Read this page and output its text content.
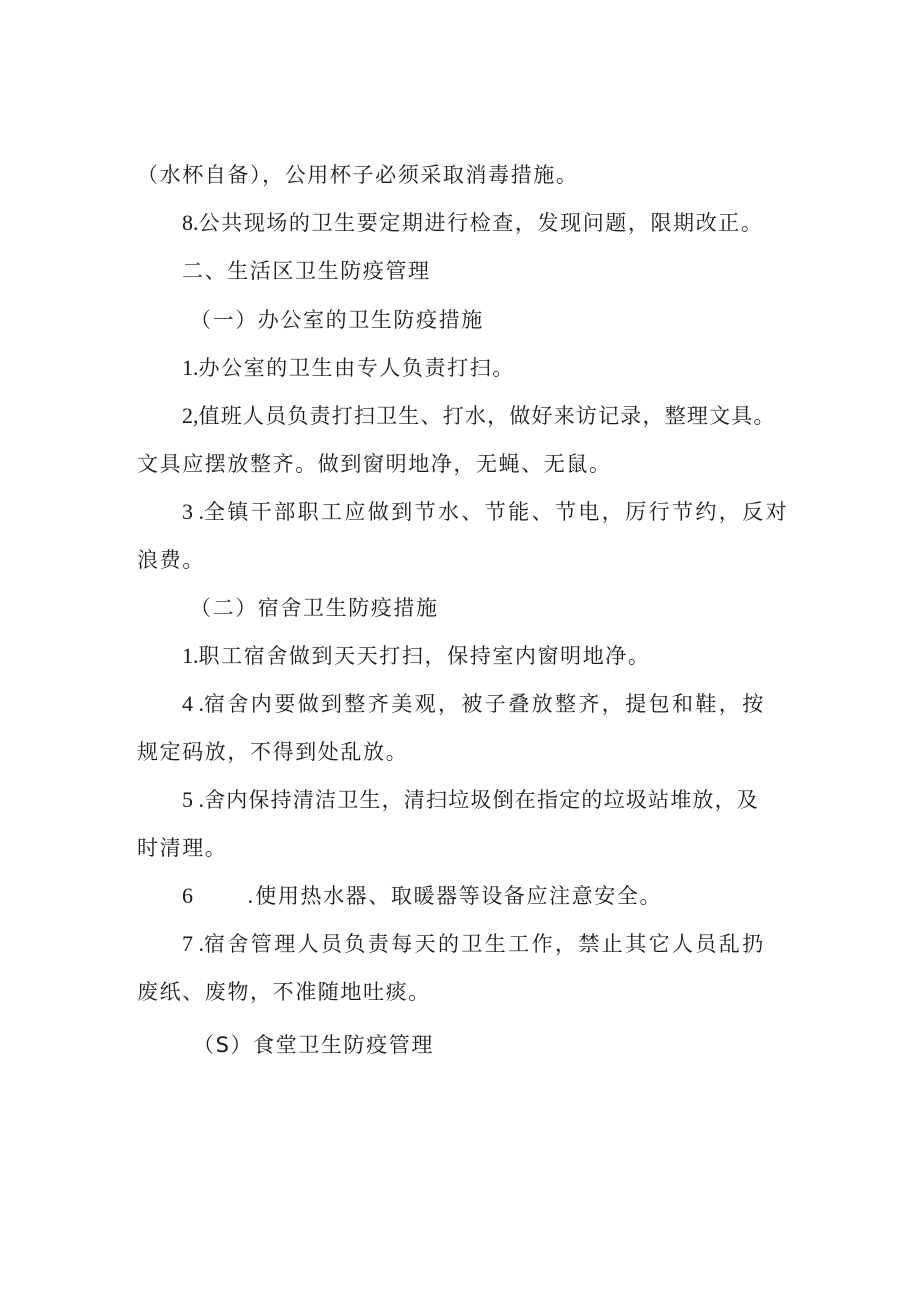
（水杯自备），公用杯子必须采取消毒措施。
8.公共现场的卫生要定期进行检查，发现问题，限期改正。
二、生活区卫生防疫管理
（一）办公室的卫生防疫措施
1.办公室的卫生由专人负责打扫。
2,值班人员负责打扫卫生、打水，做好来访记录，整理文具。
文具应摆放整齐。做到窗明地净，无蝇、无鼠。
3 .全镇干部职工应做到节水、节能、节电，厉行节约，反对
浪费。
（二）宿舍卫生防疫措施
1.职工宿舍做到天天打扫，保持室内窗明地净。
4 .宿舍内要做到整齐美观，被子叠放整齐，提包和鞋，按
规定码放，不得到处乱放。
5 .舍内保持清洁卫生，清扫垃圾倒在指定的垃圾站堆放，及
时清理。
6	.使用热水器、取暖器等设备应注意安全。
7 .宿舍管理人员负责每天的卫生工作，禁止其它人员乱扔
废纸、废物，不准随地吐痰。
（S）食堂卫生防疫管理
